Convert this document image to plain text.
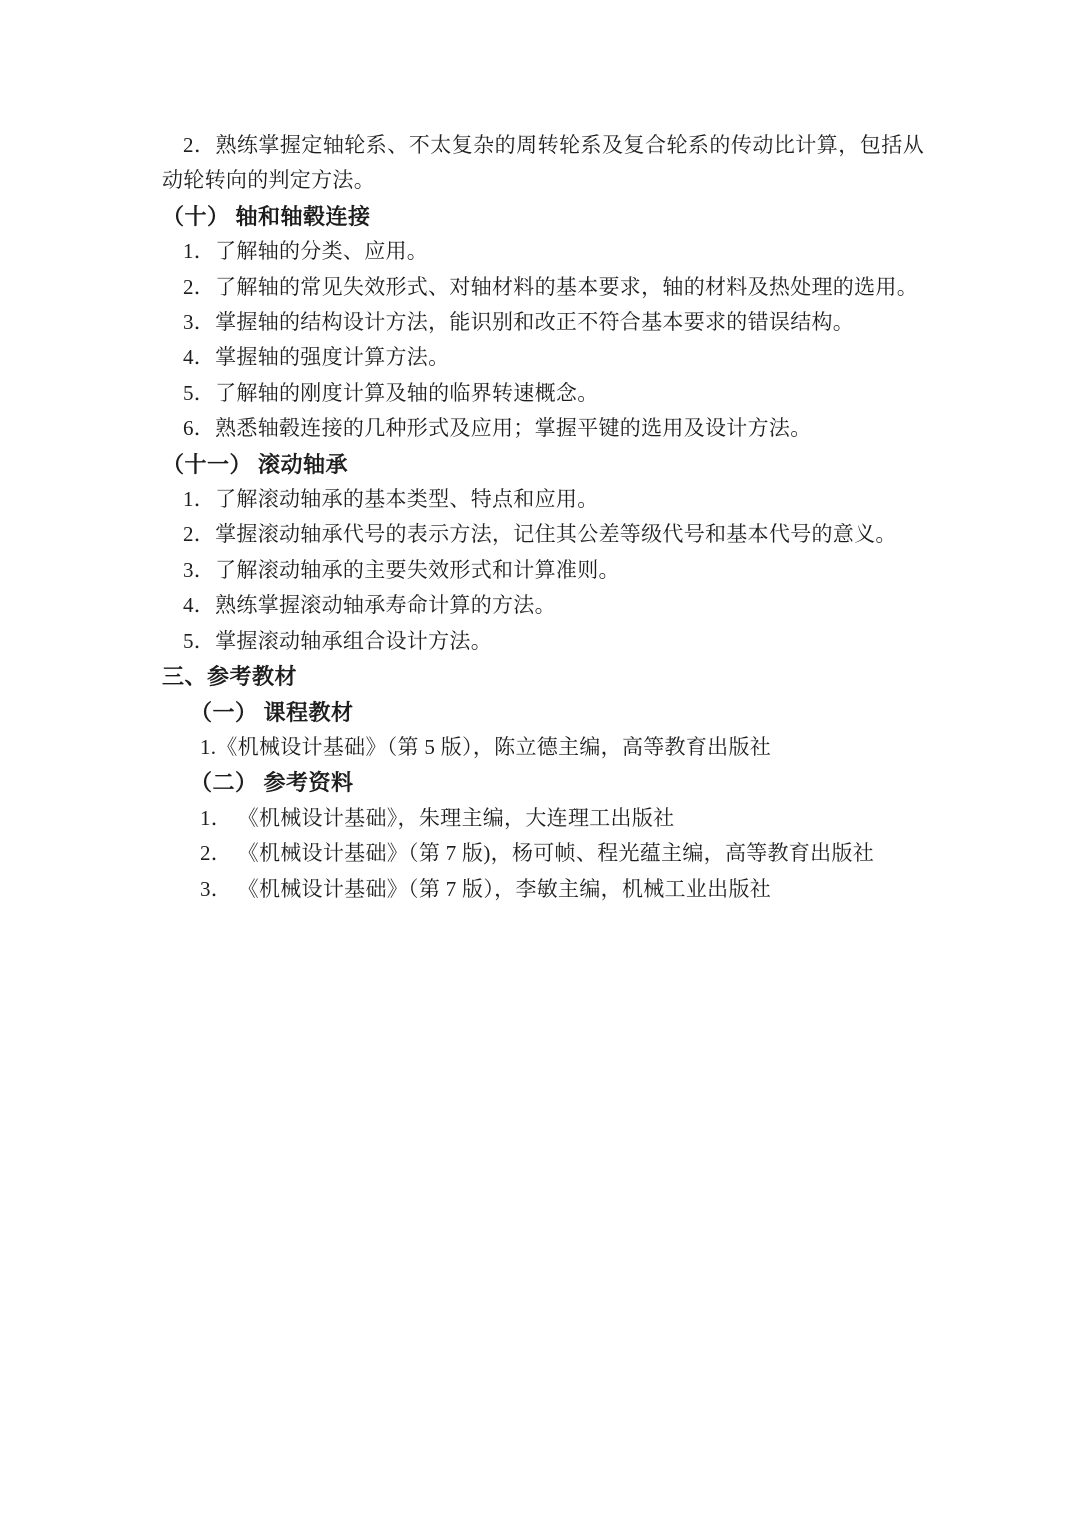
2．熟练掌握定轴轮系、不太复杂的周转轮系及复合轮系的传动比计算，包括从动轮转向的判定方法。

（十） 轴和轴毂连接

1．了解轴的分类、应用。

2．了解轴的常见失效形式、对轴材料的基本要求，轴的材料及热处理的选用。

3．掌握轴的结构设计方法，能识别和改正不符合基本要求的错误结构。

4．掌握轴的强度计算方法。

5．了解轴的刚度计算及轴的临界转速概念。

6．熟悉轴毂连接的几种形式及应用；掌握平键的选用及设计方法。

（十一） 滚动轴承

1．了解滚动轴承的基本类型、特点和应用。

2．掌握滚动轴承代号的表示方法，记住其公差等级代号和基本代号的意义。

3．了解滚动轴承的主要失效形式和计算准则。

4．熟练掌握滚动轴承寿命计算的方法。

5．掌握滚动轴承组合设计方法。

三、参考教材

（一） 课程教材

1.《机械设计基础》（第 5 版），陈立德主编，高等教育出版社

（二） 参考资料

1． 《机械设计基础》，朱理主编，大连理工出版社

2． 《机械设计基础》（第 7 版)，杨可帧、程光蕴主编，高等教育出版社

3． 《机械设计基础》（第 7 版），李敏主编，机械工业出版社
